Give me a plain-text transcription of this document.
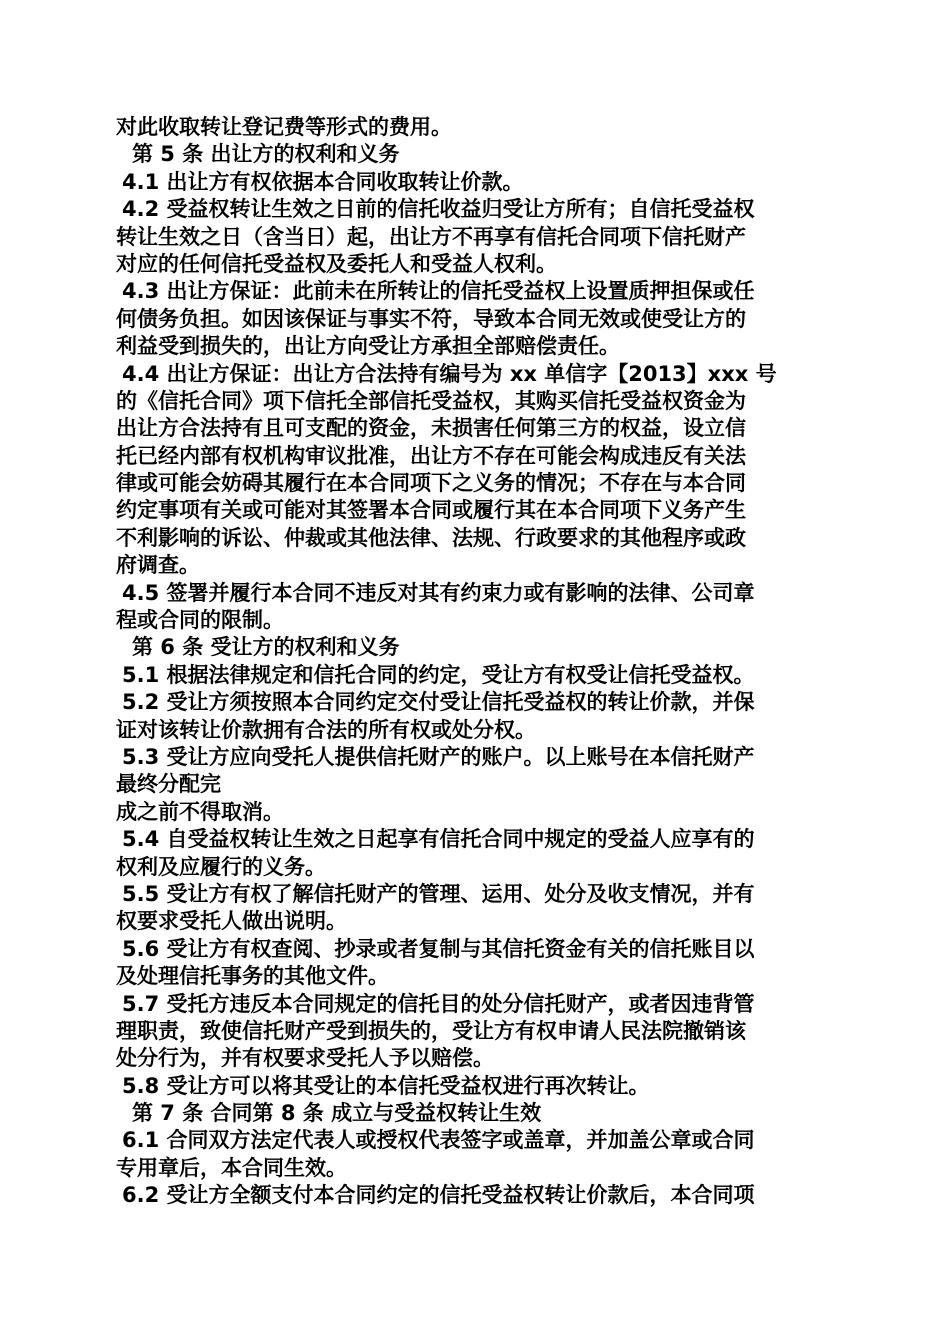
对此收取转让登记费等形式的费用。
第 5 条 出让方的权利和义务
4.1 出让方有权依据本合同收取转让价款。
4.2 受益权转让生效之日前的信托收益归受让方所有；自信托受益权
转让生效之日（含当日）起，出让方不再享有信托合同项下信托财产
对应的任何信托受益权及委托人和受益人权利。
4.3 出让方保证：此前未在所转让的信托受益权上设置质押担保或任
何债务负担。如因该保证与事实不符，导致本合同无效或使受让方的
利益受到损失的，出让方向受让方承担全部赔偿责任。
4.4 出让方保证：出让方合法持有编号为 xx 单信字【2013】xxx 号
的《信托合同》项下信托全部信托受益权，其购买信托受益权资金为
出让方合法持有且可支配的资金，未损害任何第三方的权益，设立信
托已经内部有权机构审议批准，出让方不存在可能会构成违反有关法
律或可能会妨碍其履行在本合同项下之义务的情况；不存在与本合同
约定事项有关或可能对其签署本合同或履行其在本合同项下义务产生
不利影响的诉讼、仲裁或其他法律、法规、行政要求的其他程序或政
府调查。
4.5 签署并履行本合同不违反对其有约束力或有影响的法律、公司章
程或合同的限制。
第 6 条 受让方的权利和义务
5.1 根据法律规定和信托合同的约定，受让方有权受让信托受益权。
5.2 受让方须按照本合同约定交付受让信托受益权的转让价款，并保
证对该转让价款拥有合法的所有权或处分权。
5.3 受让方应向受托人提供信托财产的账户。以上账号在本信托财产
最终分配完
成之前不得取消。
5.4 自受益权转让生效之日起享有信托合同中规定的受益人应享有的
权利及应履行的义务。
5.5 受让方有权了解信托财产的管理、运用、处分及收支情况，并有
权要求受托人做出说明。
5.6 受让方有权查阅、抄录或者复制与其信托资金有关的信托账目以
及处理信托事务的其他文件。
5.7 受托方违反本合同规定的信托目的处分信托财产，或者因违背管
理职责，致使信托财产受到损失的，受让方有权申请人民法院撤销该
处分行为，并有权要求受托人予以赔偿。
5.8 受让方可以将其受让的本信托受益权进行再次转让。
第 7 条 合同第 8 条 成立与受益权转让生效
6.1 合同双方法定代表人或授权代表签字或盖章，并加盖公章或合同
专用章后，本合同生效。
6.2 受让方全额支付本合同约定的信托受益权转让价款后，本合同项
